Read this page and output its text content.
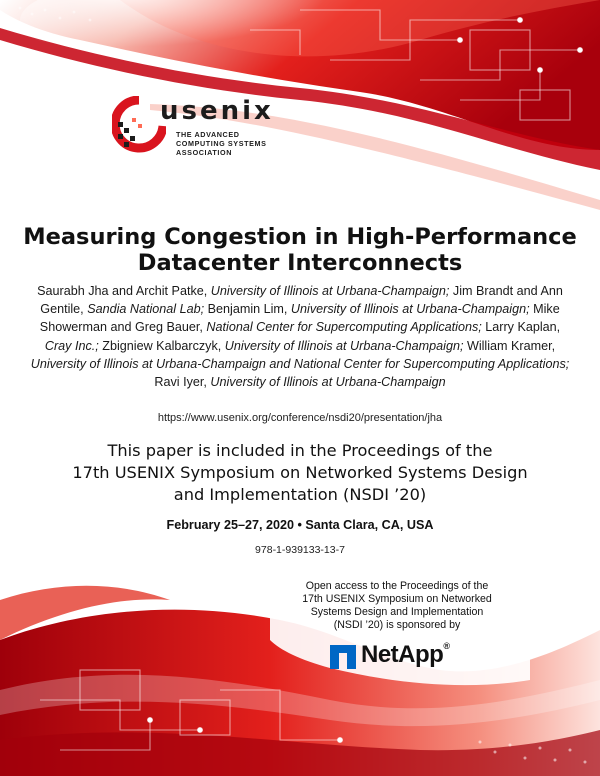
usenix
THE ADVANCED
COMPUTING SYSTEMS
ASSOCIATION
Measuring Congestion in High-Performance
Datacenter Interconnects
Saurabh Jha and Archit Patke, University of Illinois at Urbana-Champaign; Jim Brandt and Ann Gentile, Sandia National Lab; Benjamin Lim, University of Illinois at Urbana-Champaign; Mike Showerman and Greg Bauer, National Center for Supercomputing Applications; Larry Kaplan, Cray Inc.; Zbigniew Kalbarczyk, University of Illinois at Urbana-Champaign; William Kramer, University of Illinois at Urbana-Champaign and National Center for Supercomputing Applications; Ravi Iyer, University of Illinois at Urbana-Champaign
https://www.usenix.org/conference/nsdi20/presentation/jha
This paper is included in the Proceedings of the
17th USENIX Symposium on Networked Systems Design
and Implementation (NSDI ’20)
February 25–27, 2020 • Santa Clara, CA, USA
978-1-939133-13-7
Open access to the Proceedings of the
17th USENIX Symposium on Networked
Systems Design and Implementation
(NSDI ’20) is sponsored by
NetApp®
